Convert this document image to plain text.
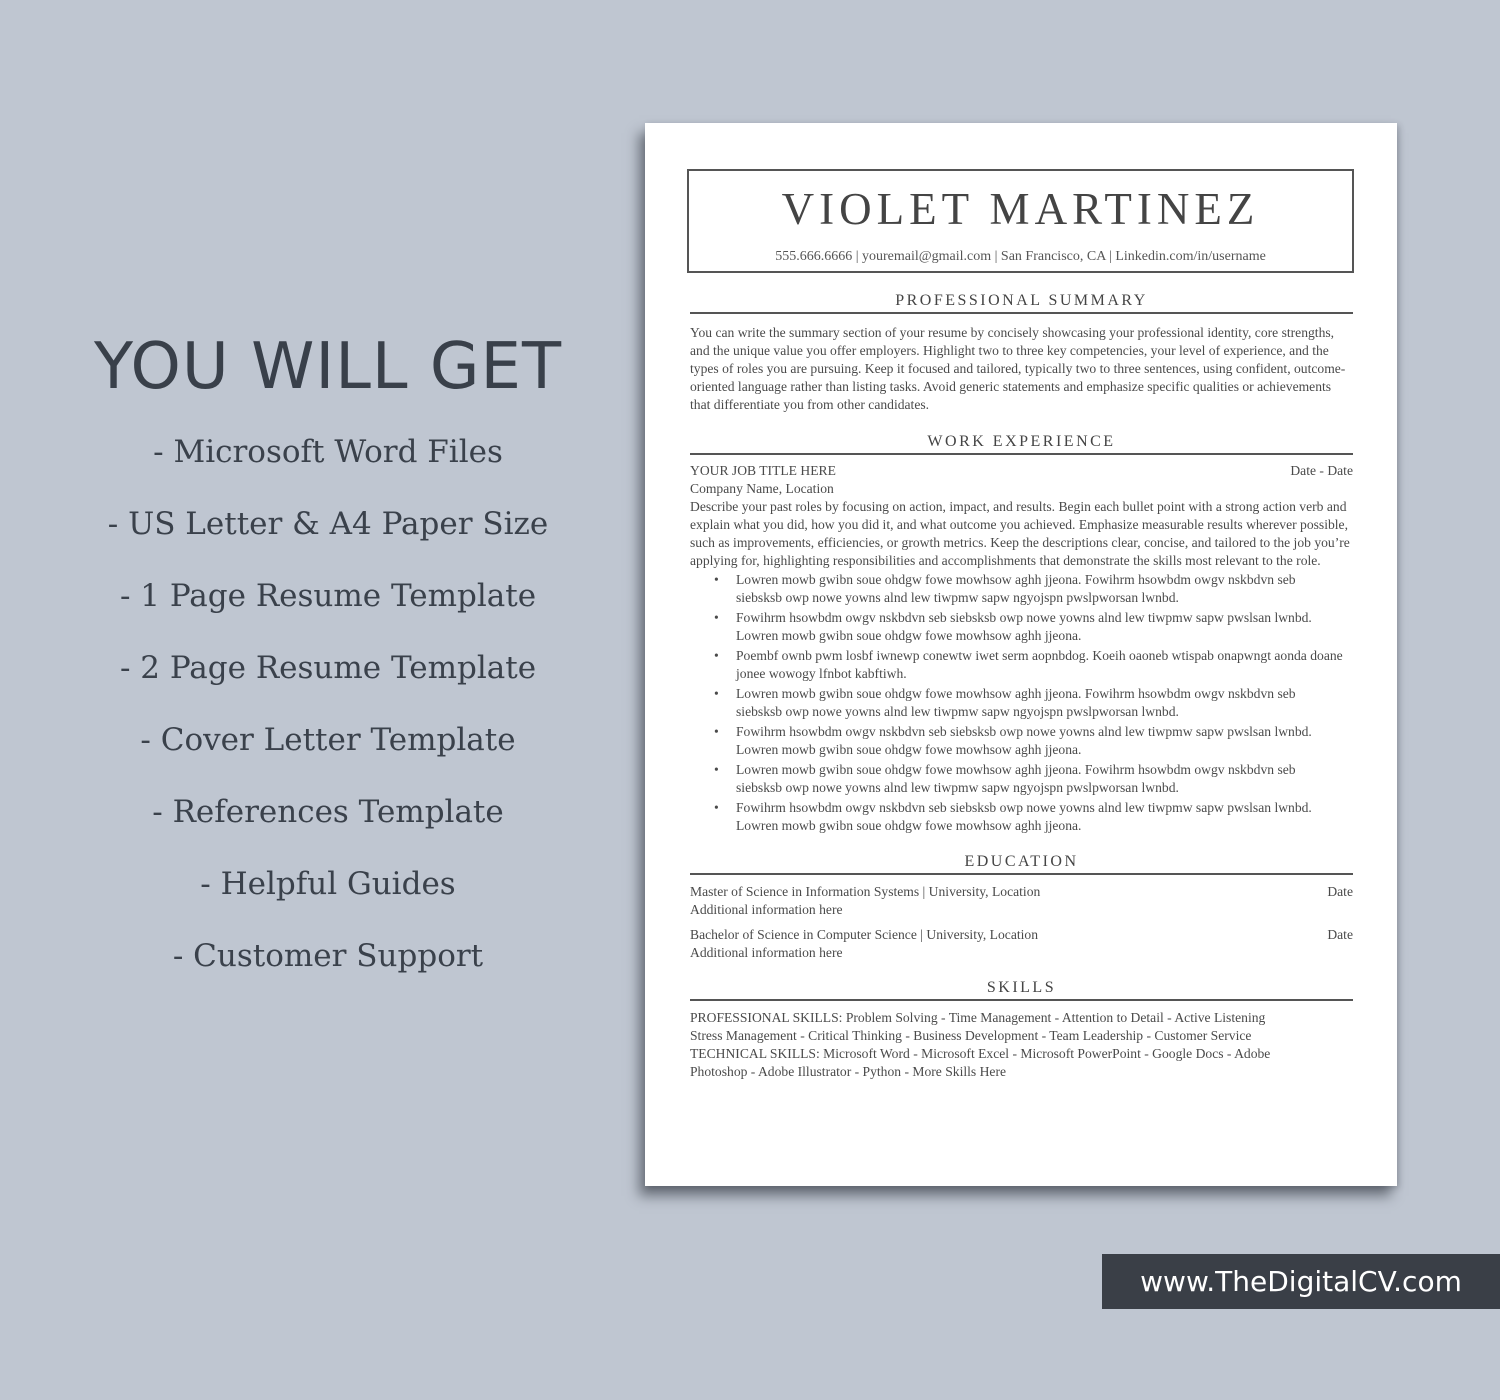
YOU WILL GET
- Microsoft Word Files
- US Letter & A4 Paper Size
- 1 Page Resume Template
- 2 Page Resume Template
- Cover Letter Template
- References Template
- Helpful Guides
- Customer Support
VIOLET MARTINEZ
555.666.6666 | youremail@gmail.com | San Francisco, CA | Linkedin.com/in/username
PROFESSIONAL SUMMARY

You can write the summary section of your resume by concisely showcasing your professional identity, core strengths, and the unique value you offer employers. Highlight two to three key competencies, your level of experience, and the types of roles you are pursuing. Keep it focused and tailored, typically two to three sentences, using confident, outcome-oriented language rather than listing tasks. Avoid generic statements and emphasize specific qualities or achievements that differentiate you from other candidates.

WORK EXPERIENCE
YOUR JOB TITLE HERE	Date - Date
Company Name, Location

Describe your past roles by focusing on action, impact, and results. Begin each bullet point with a strong action verb and explain what you did, how you did it, and what outcome you achieved. Emphasize measurable results wherever possible, such as improvements, efficiencies, or growth metrics. Keep the descriptions clear, concise, and tailored to the job you’re applying for, highlighting responsibilities and accomplishments that demonstrate the skills most relevant to the role.

• Lowren mowb gwibn soue ohdgw fowe mowhsow aghh jjeona. Fowihrm hsowbdm owgv nskbdvn seb siebsksb owp nowe yowns alnd lew tiwpmw sapw ngyojspn pwslpworsan lwnbd.
• Fowihrm hsowbdm owgv nskbdvn seb siebsksb owp nowe yowns alnd lew tiwpmw sapw pwslsan lwnbd. Lowren mowb gwibn soue ohdgw fowe mowhsow aghh jjeona.
• Poembf ownb pwm losbf iwnewp conewtw iwet serm aopnbdog. Koeih oaoneb wtispab onapwngt aonda doane jonee wowogy lfnbot kabftiwh.
• Lowren mowb gwibn soue ohdgw fowe mowhsow aghh jjeona. Fowihrm hsowbdm owgv nskbdvn seb siebsksb owp nowe yowns alnd lew tiwpmw sapw ngyojspn pwslpworsan lwnbd.
• Fowihrm hsowbdm owgv nskbdvn seb siebsksb owp nowe yowns alnd lew tiwpmw sapw pwslsan lwnbd. Lowren mowb gwibn soue ohdgw fowe mowhsow aghh jjeona.
• Lowren mowb gwibn soue ohdgw fowe mowhsow aghh jjeona. Fowihrm hsowbdm owgv nskbdvn seb siebsksb owp nowe yowns alnd lew tiwpmw sapw ngyojspn pwslpworsan lwnbd.
• Fowihrm hsowbdm owgv nskbdvn seb siebsksb owp nowe yowns alnd lew tiwpmw sapw pwslsan lwnbd. Lowren mowb gwibn soue ohdgw fowe mowhsow aghh jjeona.
EDUCATION
Master of Science in Information Systems | University, Location	Date
Additional information here
Bachelor of Science in Computer Science | University, Location	Date
Additional information here
SKILLS
PROFESSIONAL SKILLS: Problem Solving - Time Management - Attention to Detail - Active Listening
Stress Management - Critical Thinking - Business Development - Team Leadership - Customer Service
TECHNICAL SKILLS: Microsoft Word - Microsoft Excel - Microsoft PowerPoint - Google Docs - Adobe
Photoshop - Adobe Illustrator - Python - More Skills Here
www.TheDigitalCV.com
